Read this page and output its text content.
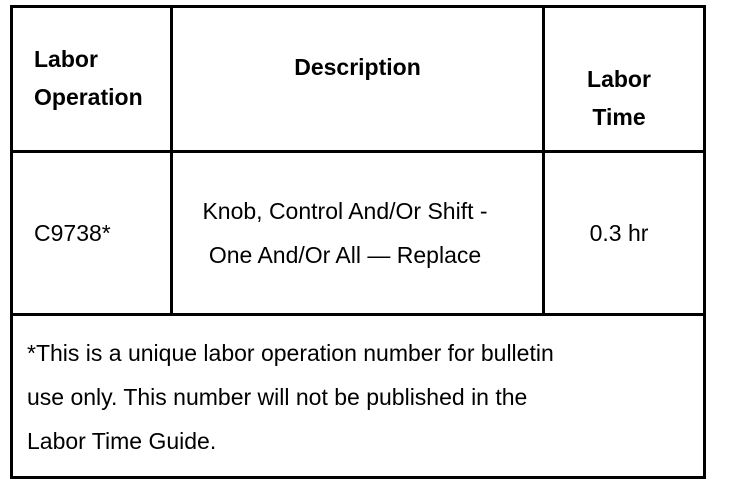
Labor Operation
Description	Labor Time
C9738*
Knob, Control And/Or Shift - One And/Or All — Replace
0.3 hr
*This is a unique labor operation number for bulletin use only. This number will not be published in the Labor Time Guide.
